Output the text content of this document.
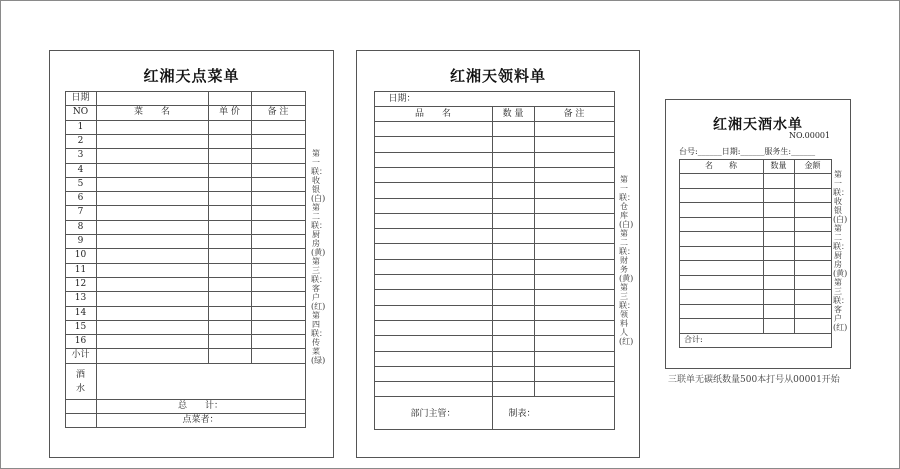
红湘天点菜单
日期
NO	菜　　名	单 价	备 注
1
2
3
4
5
6
7
8
9
10
11
12
13
14
15
16
小计
酒
水
总　　计：
点菜者：
第一联：收银(白)第二联：厨房(黄)第三联：客户(红)第四联：传菜(绿)
红湘天领料单
日期：
品　　名	数 量	备 注
部门主管：	制表：
第一联：仓库(白)第二联：财务(黄)第三联：领料人(红)
红湘天酒水单
NO.00001
台号:______日期:______服务生:______
名　　称	数量	金额
合计:
第一联：收银(白)第二联：厨房(黄)第三联：客户(红)
三联单无碳纸数量500本打号从00001开始
